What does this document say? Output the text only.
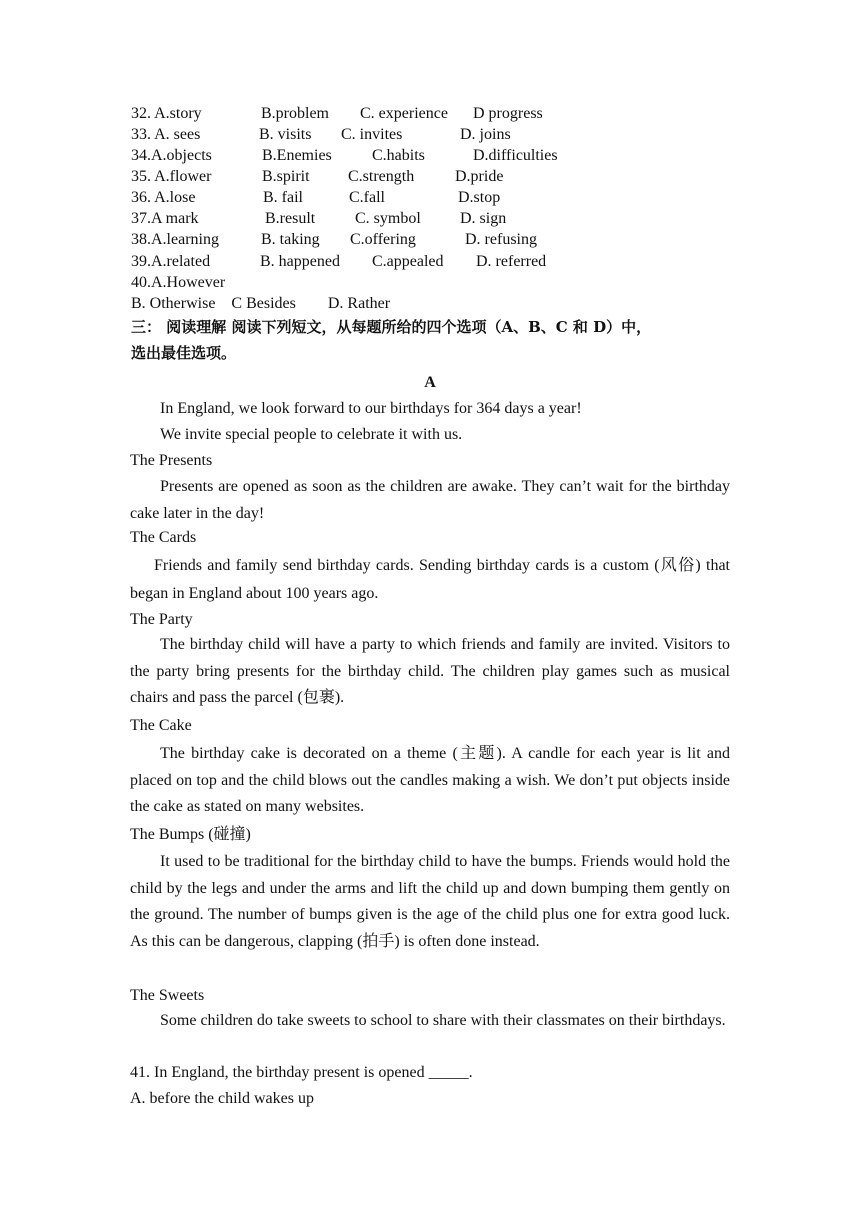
32. A.story	B.problem C. experience D progress
33. A. sees	B. visits C. invites	D. joins
34.A.objects	B.Enemies	C.habits	D.difficulties
35. A.flower	B.spirit C.strength	D.pride
36. A.lose	B. fail	C.fall	D.stop
37.A mark	B.result C. symbol D. sign
38.A.learning	B. taking C.offering	D. refusing
39.A.related	B. happened C.appealed D. referred
40.A.However
B. Otherwise    C Besides        D. Rather
三： 阅读理解 阅读下列短文，从每题所给的四个选项（A、B、C 和 D）中，
选出最佳选项。
A
In England, we look forward to our birthdays for 364 days a year!
We invite special people to celebrate it with us.
The Presents
Presents are opened as soon as the children are awake. They can’t wait for the birthday cake later in the day!
The Cards
Friends and family send birthday cards. Sending birthday cards is a custom (风俗) that began in England about 100 years ago.
The Party
The birthday child will have a party to which friends and family are invited. Visitors to the party bring presents for the birthday child. The children play games such as musical chairs and pass the parcel (包裹).
The Cake
The birthday cake is decorated on a theme (主题). A candle for each year is lit and placed on top and the child blows out the candles making a wish. We don’t put objects inside the cake as stated on many websites.
The Bumps (碰撞)
It used to be traditional for the birthday child to have the bumps. Friends would hold the child by the legs and under the arms and lift the child up and down bumping them gently on the ground. The number of bumps given is the age of the child plus one for extra good luck. As this can be dangerous, clapping (拍手) is often done instead.
The Sweets
Some children do take sweets to school to share with their classmates on their birthdays.
41. In England, the birthday present is opened _____.
A. before the child wakes up
